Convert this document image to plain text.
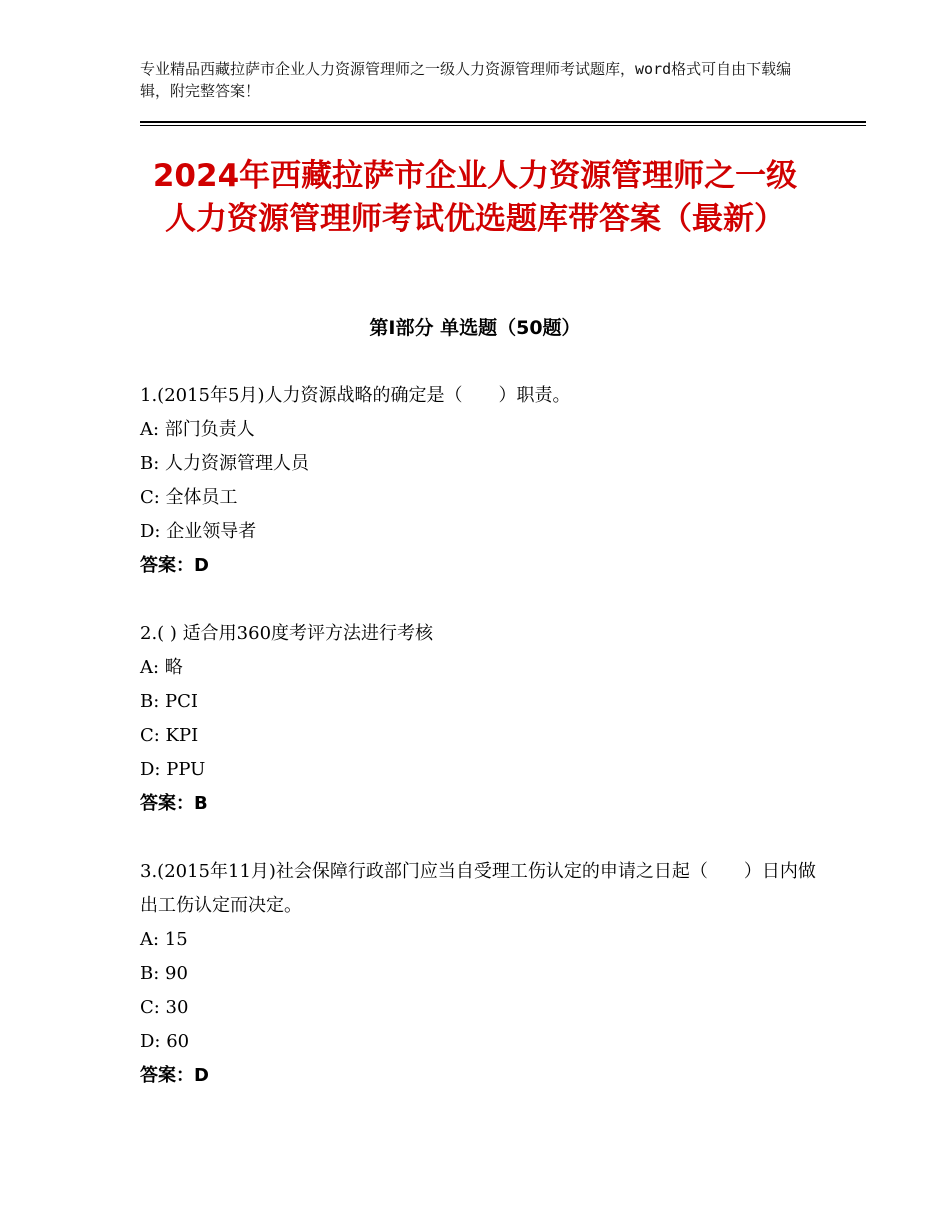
专业精品西藏拉萨市企业人力资源管理师之一级人力资源管理师考试题库，word格式可自由下载编辑，附完整答案！
2024年西藏拉萨市企业人力资源管理师之一级人力资源管理师考试优选题库带答案（最新）
第Ⅰ部分 单选题（50题）
1.(2015年5月)人力资源战略的确定是（　　）职责。
A: 部门负责人
B: 人力资源管理人员
C: 全体员工
D: 企业领导者
答案：D
2.( ) 适合用360度考评方法进行考核
A: 略
B: PCI
C: KPI
D: PPU
答案：B
3.(2015年11月)社会保障行政部门应当自受理工伤认定的申请之日起（　　）日内做出工伤认定而决定。
A: 15
B: 90
C: 30
D: 60
答案：D
